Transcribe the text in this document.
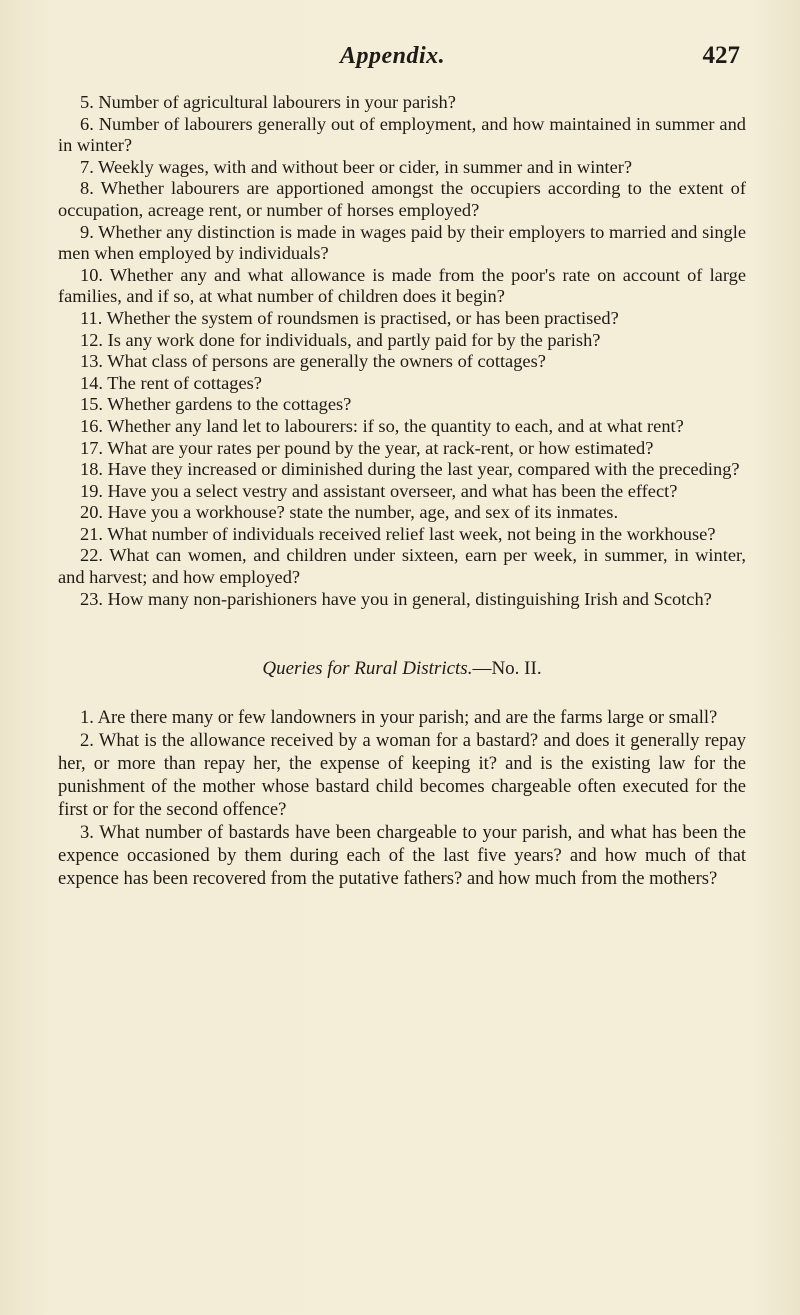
Appendix.	427

5. Number of agricultural labourers in your parish?

6. Number of labourers generally out of employment, and how maintained in summer and in winter?

7. Weekly wages, with and without beer or cider, in summer and in winter?

8. Whether labourers are apportioned amongst the occupiers according to the extent of occupation, acreage rent, or number of horses employed?

9. Whether any distinction is made in wages paid by their employers to married and single men when employed by individuals?

10. Whether any and what allowance is made from the poor's rate on account of large families, and if so, at what number of children does it begin?

11. Whether the system of roundsmen is practised, or has been practised?

12. Is any work done for individuals, and partly paid for by the parish?

13. What class of persons are generally the owners of cottages?

14. The rent of cottages?

15. Whether gardens to the cottages?

16. Whether any land let to labourers: if so, the quantity to each, and at what rent?

17. What are your rates per pound by the year, at rack-rent, or how estimated?

18. Have they increased or diminished during the last year, compared with the preceding?

19. Have you a select vestry and assistant overseer, and what has been the effect?

20. Have you a workhouse? state the number, age, and sex of its inmates.

21. What number of individuals received relief last week, not being in the workhouse?

22. What can women, and children under sixteen, earn per week, in summer, in winter, and harvest; and how employed?

23. How many non-parishioners have you in general, distinguishing Irish and Scotch?

Queries for Rural Districts.—No. II.

1. Are there many or few landowners in your parish; and are the farms large or small?

2. What is the allowance received by a woman for a bastard? and does it generally repay her, or more than repay her, the expense of keeping it? and is the existing law for the punishment of the mother whose bastard child becomes chargeable often executed for the first or for the second offence?

3. What number of bastards have been chargeable to your parish, and what has been the expence occasioned by them during each of the last five years? and how much of that expence has been recovered from the putative fathers? and how much from the mothers?
